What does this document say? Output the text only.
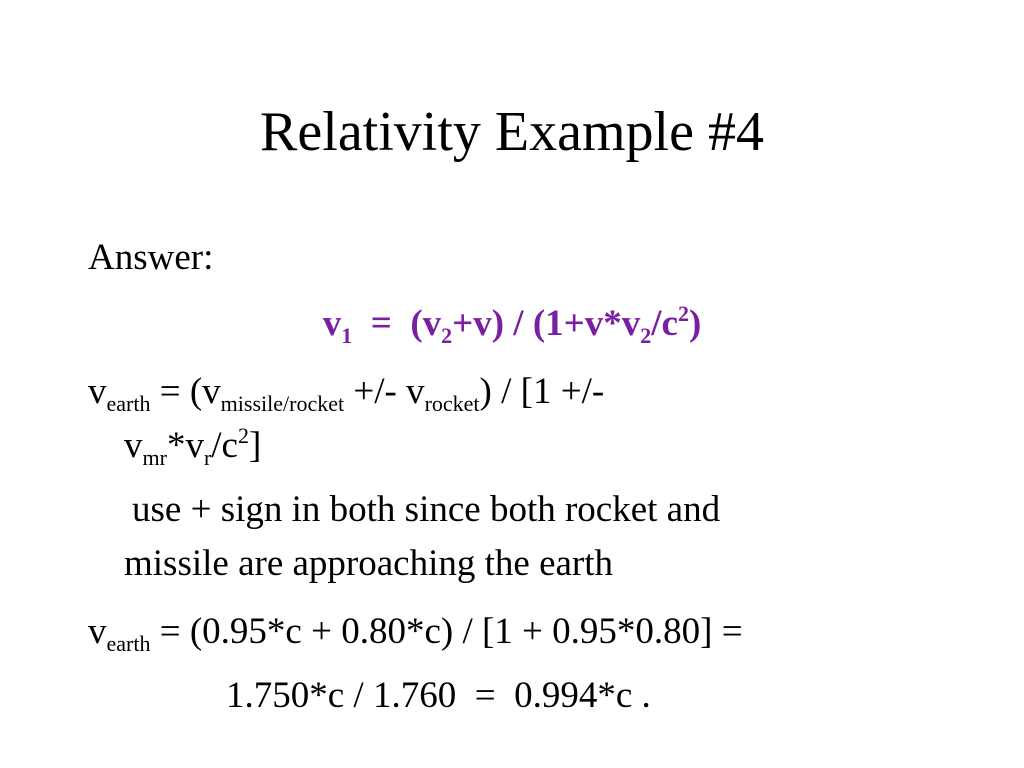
Relativity Example #4
Answer:
$v_1 = (v_2+v) / (1+v*v_2/c^2)$
$v_{earth} = (v_{missile/rocket}$ +/- $v_{rocket}) / [1$ +/-
$v_{mr}*v_r/c^2$]
use + sign in both since both rocket and
missile are approaching the earth
$v_{earth} = (0.95*c + 0.80*c) / [1 + 0.95*0.80]$ =
1.750*c / 1.760  =  0.994*c .
